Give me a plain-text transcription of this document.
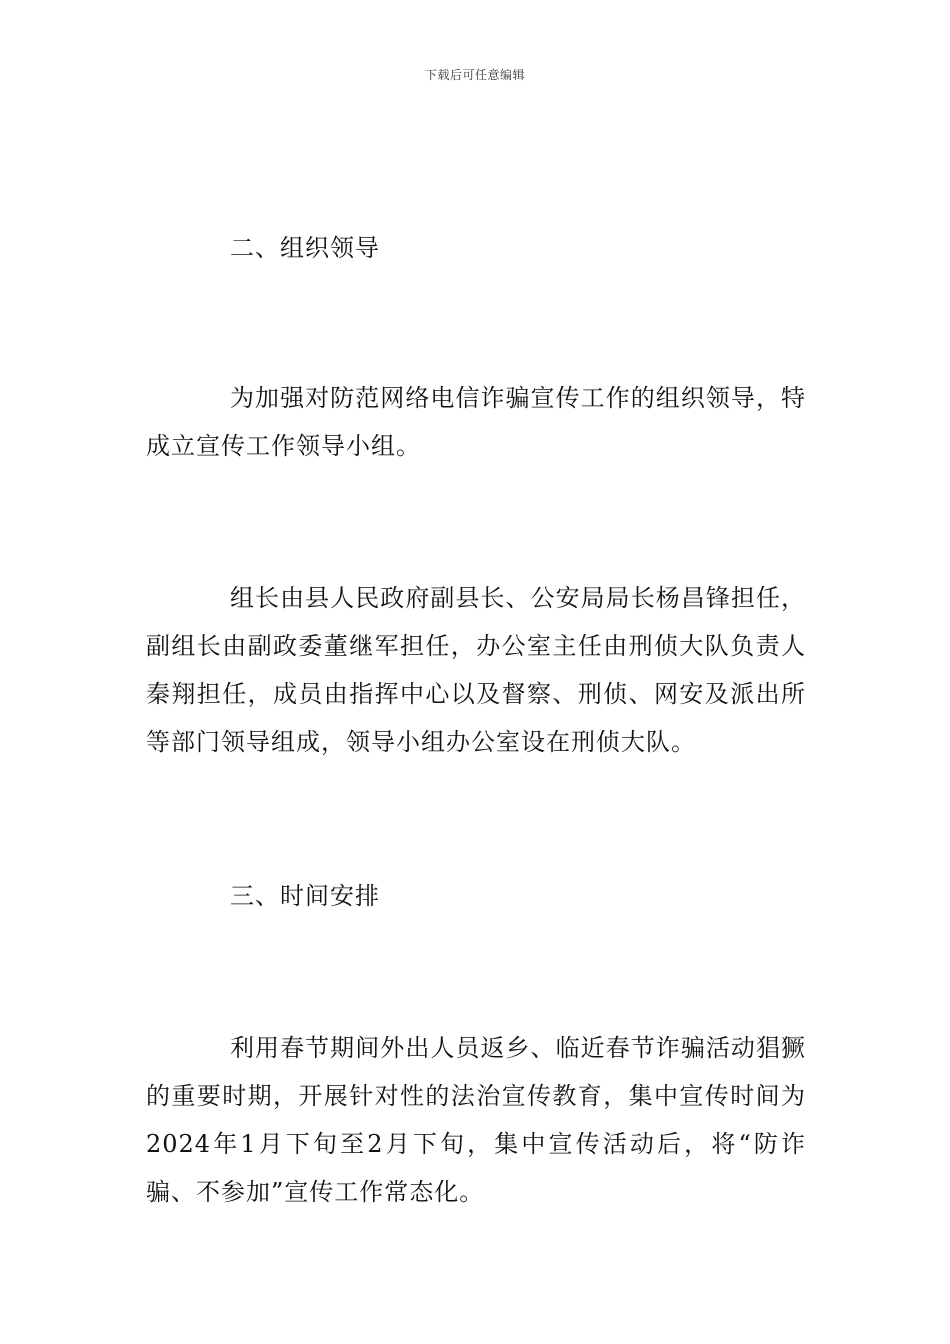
下载后可任意编辑
二、组织领导
为加强对防范网络电信诈骗宣传工作的组织领导，特成立宣传工作领导小组。
组长由县人民政府副县长、公安局局长杨昌锋担任，副组长由副政委董继军担任，办公室主任由刑侦大队负责人秦翔担任，成员由指挥中心以及督察、刑侦、网安及派出所等部门领导组成，领导小组办公室设在刑侦大队。
三、时间安排
利用春节期间外出人员返乡、临近春节诈骗活动猖獗的重要时期，开展针对性的法治宣传教育，集中宣传时间为2024年1月下旬至2月下旬，集中宣传活动后，将“防诈骗、不参加”宣传工作常态化。
